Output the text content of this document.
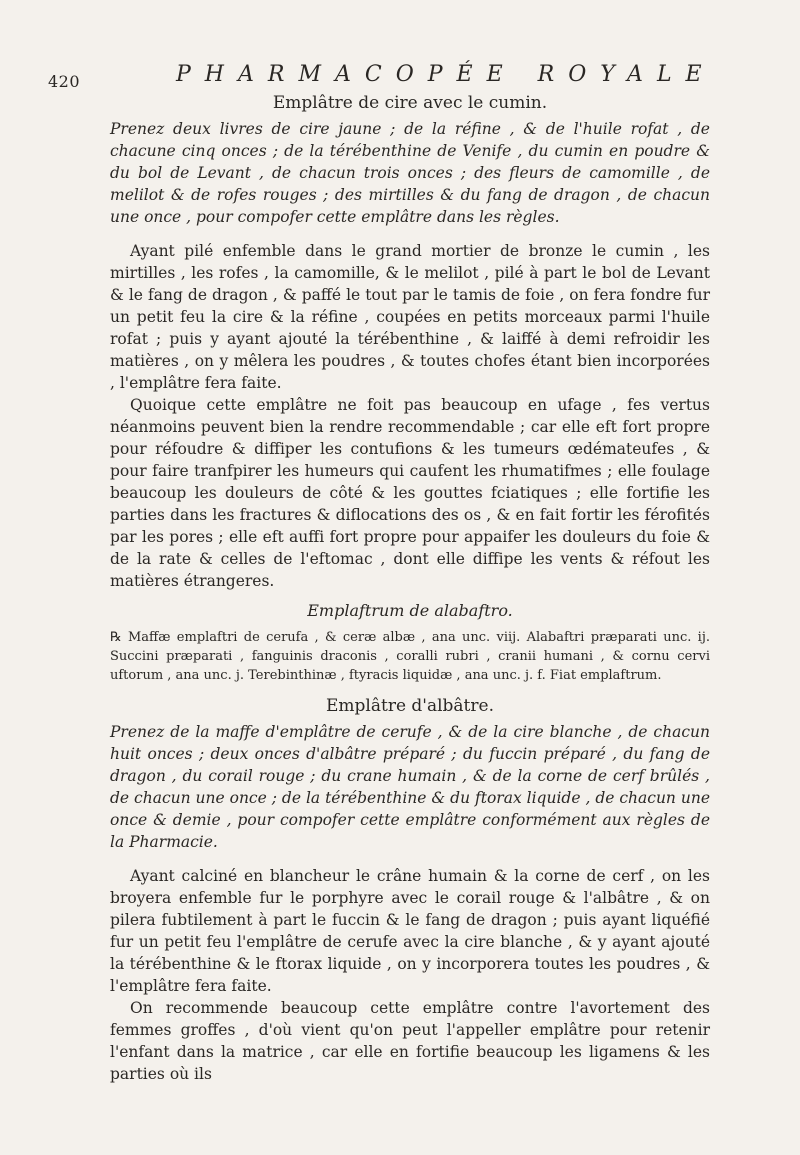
420	PHARMACOPÉE ROYALE
Emplâtre de cire avec le cumin.

Prenez deux livres de cire jaune ; de la réfine , & de l'huile rofat , de chacune cinq onces ; de la térébenthine de Venife , du cumin en poudre & du bol de Levant , de chacun trois onces ; des fleurs de camomille , de melilot & de rofes rouges ; des mirtilles & du fang de dragon , de chacun une once , pour compofer cette emplâtre dans les règles.

Ayant pilé enfemble dans le grand mortier de bronze le cumin , les mirtilles , les rofes , la camomille, & le melilot , pilé à part le bol de Levant & le fang de dragon , & paffé le tout par le tamis de foie , on fera fondre fur un petit feu la cire & la réfine , coupées en petits morceaux parmi l'huile rofat ; puis y ayant ajouté la térébenthine , & laiffé à demi refroidir les matières , on y mêlera les poudres , & toutes chofes étant bien incorporées , l'emplâtre fera faite.

Quoique cette emplâtre ne foit pas beaucoup en ufage , fes vertus néanmoins peuvent bien la rendre recommendable ; car elle eft fort propre pour réfoudre & diffiper les contufions & les tumeurs œdémateufes , & pour faire tranfpirer les humeurs qui caufent les rhumatifmes ; elle foulage beaucoup les douleurs de côté & les gouttes fciatiques ; elle fortifie les parties dans les fractures & diflocations des os , & en fait fortir les férofités par les pores ; elle eft auffi fort propre pour appaifer les douleurs du foie & de la rate & celles de l'eftomac , dont elle diffipe les vents & réfout les matières étrangeres.

Emplaftrum de alabaftro.

℞ Maffæ emplaftri de cerufa , & ceræ albæ , ana unc. viij. Alabaftri præparati unc. ij. Succini præparati , fanguinis draconis , coralli rubri , cranii humani , & cornu cervi uftorum , ana unc. j. Terebinthinæ , ftyracis liquidæ , ana unc. j. f. Fiat emplaftrum.

Emplâtre d'albâtre.

Prenez de la maffe d'emplâtre de cerufe , & de la cire blanche , de chacun huit onces ; deux onces d'albâtre préparé ; du fuccin préparé , du fang de dragon , du corail rouge ; du crane humain , & de la corne de cerf brûlés , de chacun une once ; de la térébenthine & du ftorax liquide , de chacun une once & demie , pour compofer cette emplâtre conformément aux règles de la Pharmacie.

Ayant calciné en blancheur le crâne humain & la corne de cerf , on les broyera enfemble fur le porphyre avec le corail rouge & l'albâtre , & on pilera fubtilement à part le fuccin & le fang de dragon ; puis ayant liquéfié fur un petit feu l'emplâtre de cerufe avec la cire blanche , & y ayant ajouté la térébenthine & le ftorax liquide , on y incorporera toutes les poudres , & l'emplâtre fera faite.

On recommende beaucoup cette emplâtre contre l'avortement des femmes groffes , d'où vient qu'on peut l'appeller emplâtre pour retenir l'enfant dans la matrice , car elle en fortifie beaucoup les ligamens & les parties où ils
